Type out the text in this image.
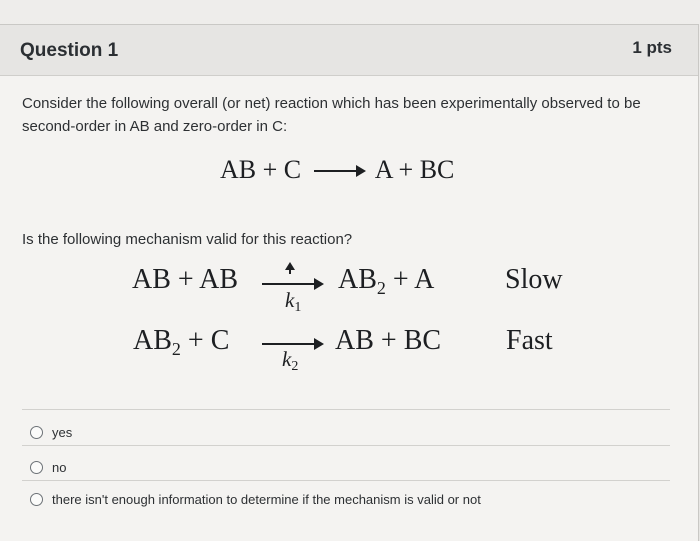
Question 1	1 pts
Consider the following overall (or net) reaction which has been experimentally observed to be second-order in AB and zero-order in C:
AB + C → A + BC
Is the following mechanism valid for this reaction?
AB + AB
$k_1$
$AB_2 + A$	Slow
$AB_2 + C$
$k_2$
AB + BC Fast
yes
no
there isn't enough information to determine if the mechanism is valid or not
